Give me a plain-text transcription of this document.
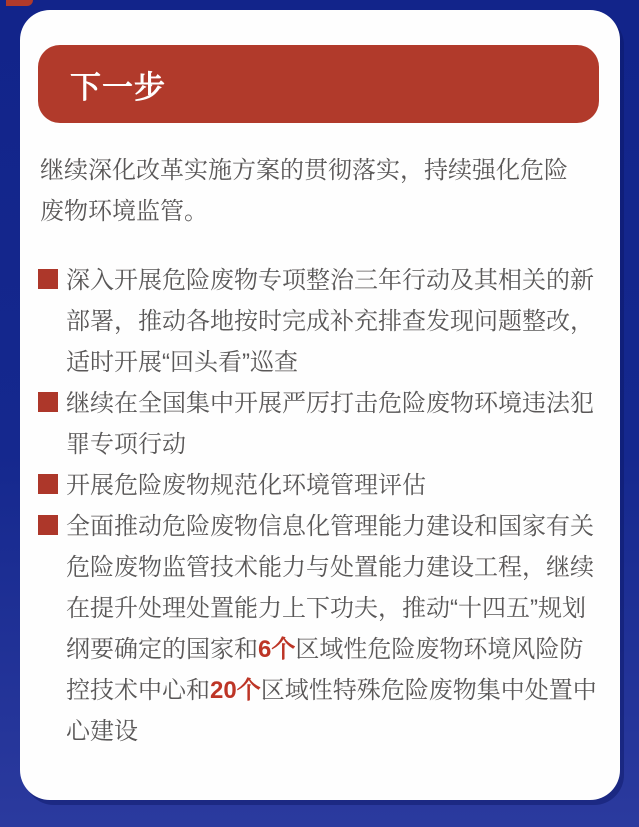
下一步

继续深化改革实施方案的贯彻落实，持续强化危险废物环境监管。

深入开展危险废物专项整治三年行动及其相关的新部署，推动各地按时完成补充排查发现问题整改，适时开展“回头看”巡查
继续在全国集中开展严厉打击危险废物环境违法犯罪专项行动
开展危险废物规范化环境管理评估
全面推动危险废物信息化管理能力建设和国家有关危险废物监管技术能力与处置能力建设工程，继续在提升处理处置能力上下功夫，推动“十四五”规划纲要确定的国家和6个区域性危险废物环境风险防控技术中心和20个区域性特殊危险废物集中处置中心建设
